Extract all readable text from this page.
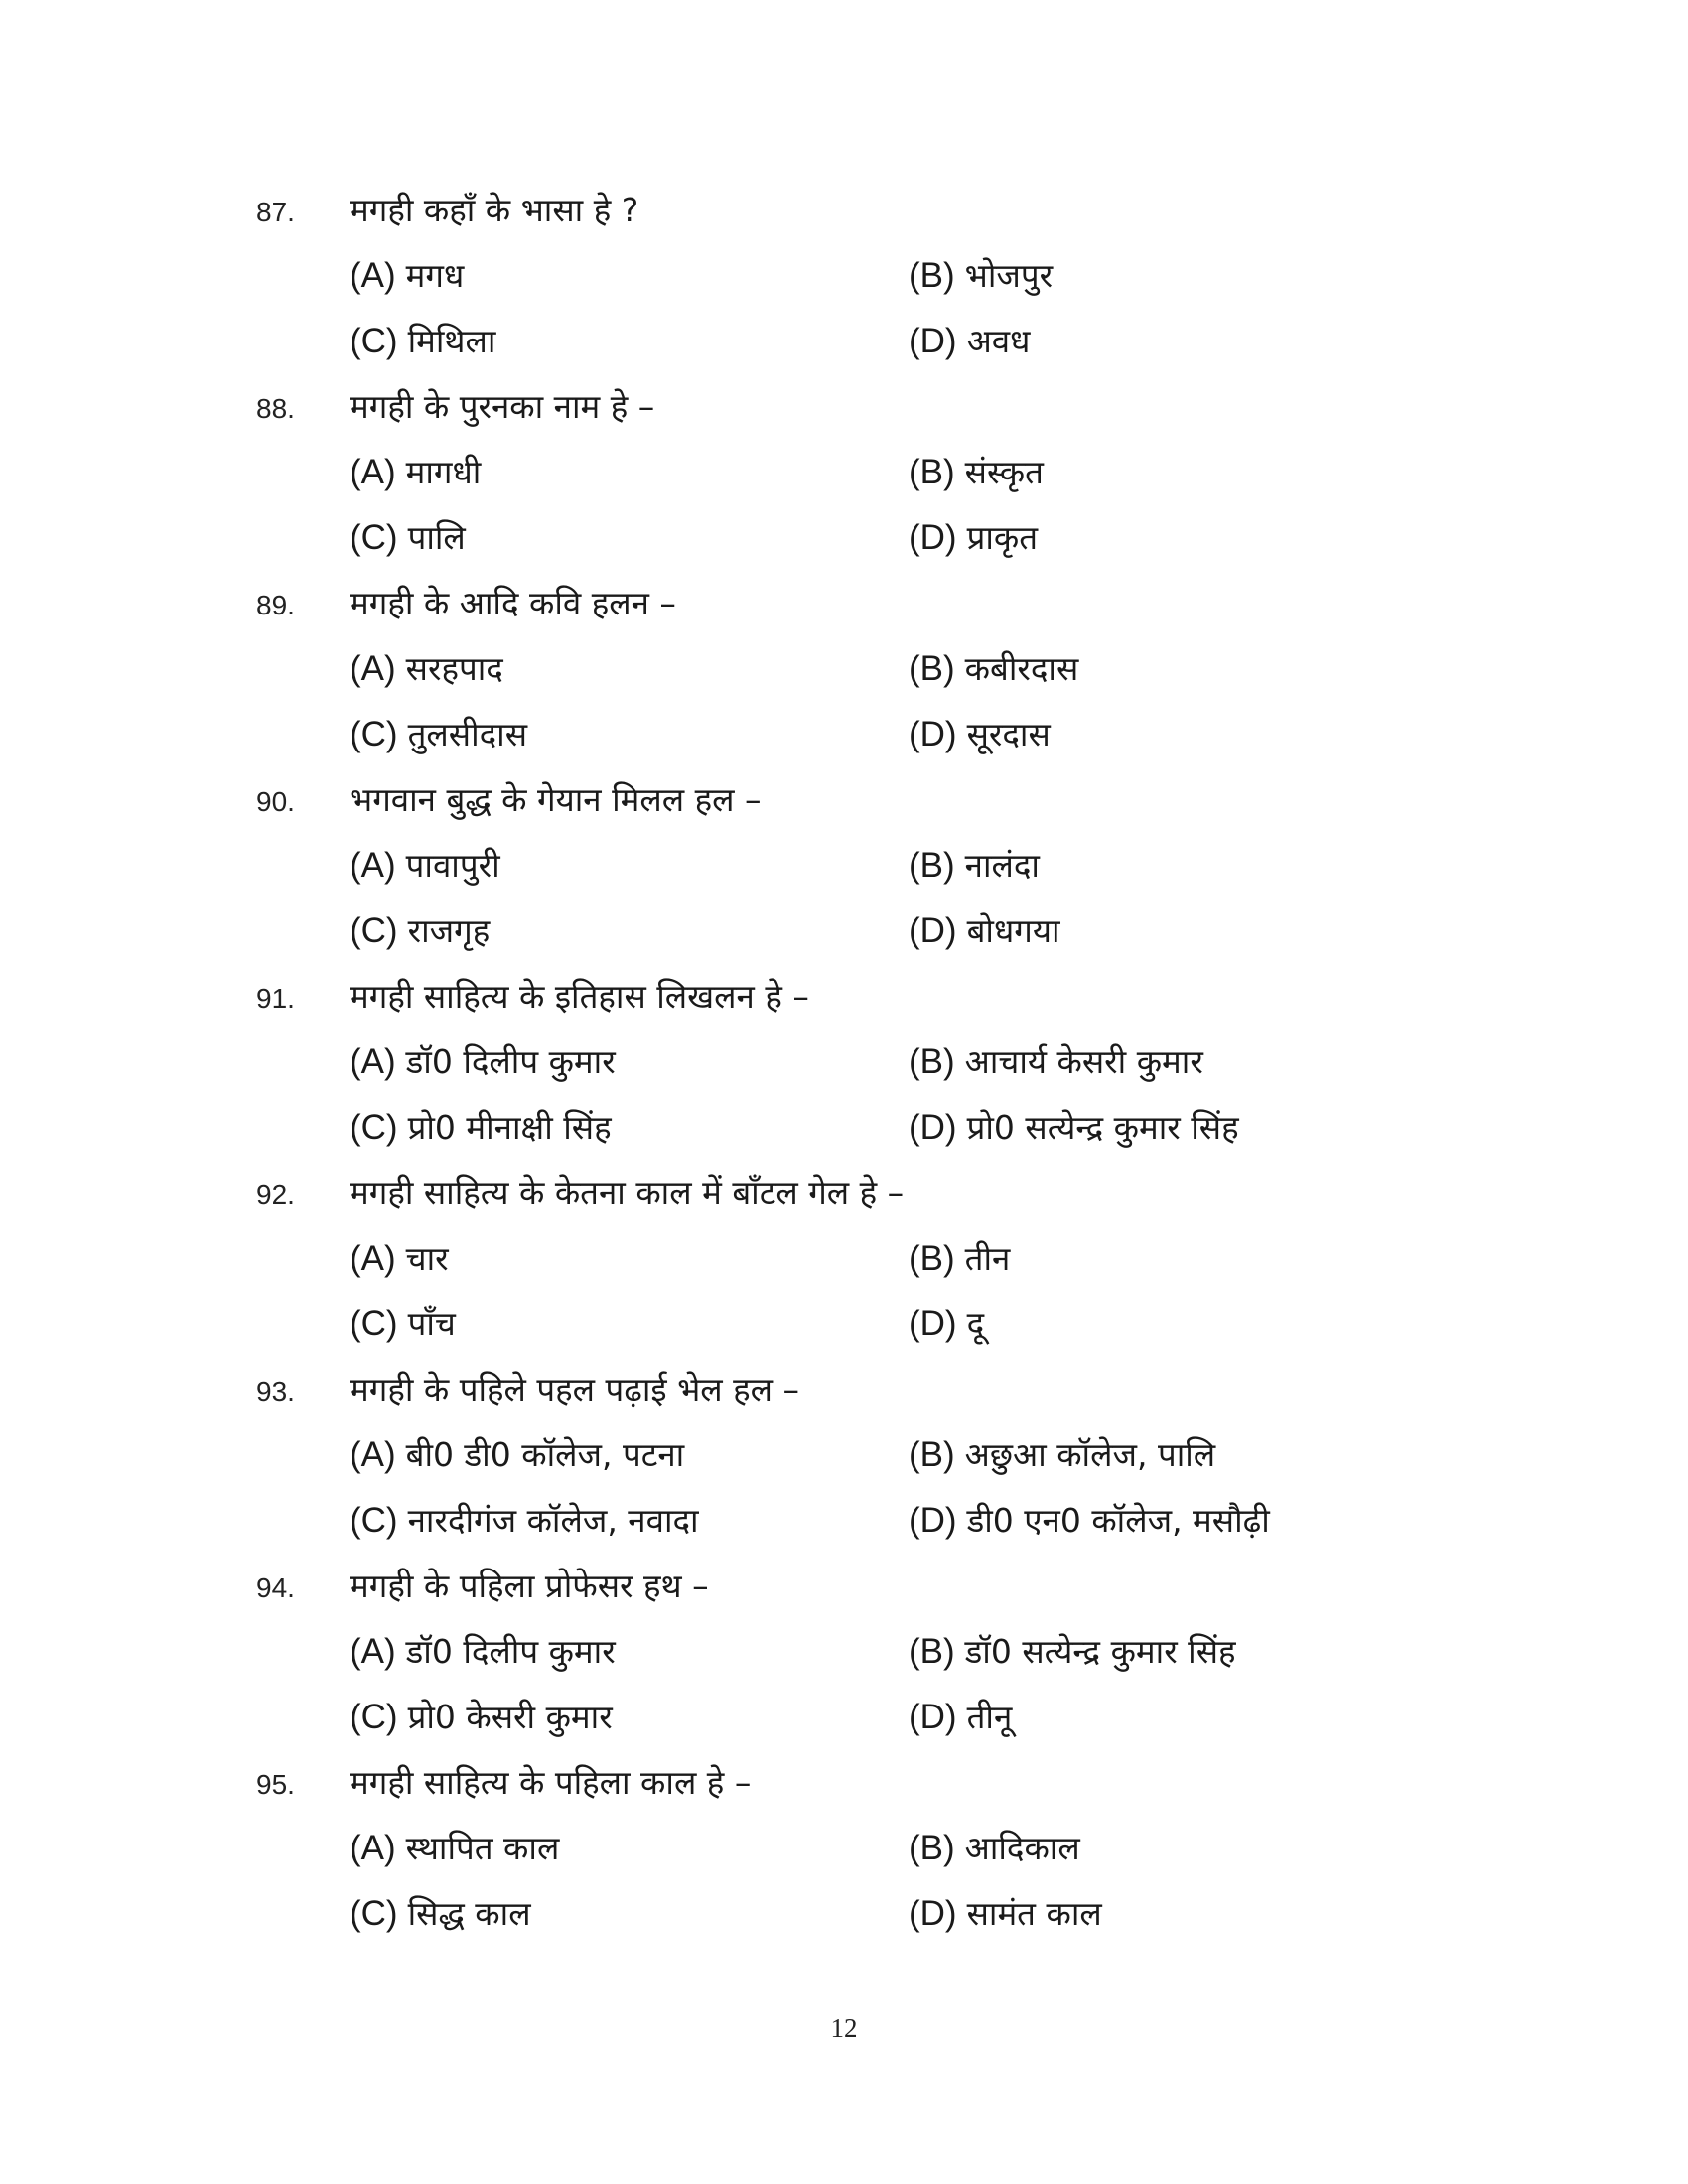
87. मगही कहाँ के भासा हे ?
(A) मगध	(B) भोजपुर
(C) मिथिला	(D) अवध
88. मगही के पुरनका नाम हे –
(A) मागधी	(B) संस्कृत
(C) पालि	(D) प्राकृत
89. मगही के आदि कवि हलन –
(A) सरहपाद	(B) कबीरदास
(C) तुलसीदास	(D) सूरदास
90. भगवान बुद्ध के गेयान मिलल हल –
(A) पावापुरी	(B) नालंदा
(C) राजगृह	(D) बोधगया
91. मगही साहित्य के इतिहास लिखलन हे –
(A) डॉ0 दिलीप कुमार	(B) आचार्य केसरी कुमार
(C) प्रो0 मीनाक्षी सिंह	(D) प्रो0 सत्येन्द्र कुमार सिंह
92. मगही साहित्य के केतना काल में बाँटल गेल हे –
(A) चार	(B) तीन
(C) पाँच	(D) दू
93. मगही के पहिले पहल पढ़ाई भेल हल –
(A) बी0 डी0 कॉलेज, पटना	(B) अछुआ कॉलेज, पालि
(C) नारदीगंज कॉलेज, नवादा	(D) डी0 एन0 कॉलेज, मसौढ़ी
94. मगही के पहिला प्रोफेसर हथ –
(A) डॉ0 दिलीप कुमार	(B) डॉ0 सत्येन्द्र कुमार सिंह
(C) प्रो0 केसरी कुमार	(D) तीनू
95. मगही साहित्य के पहिला काल हे –
(A) स्थापित काल	(B) आदिकाल
(C) सिद्ध काल	(D) सामंत काल
12
